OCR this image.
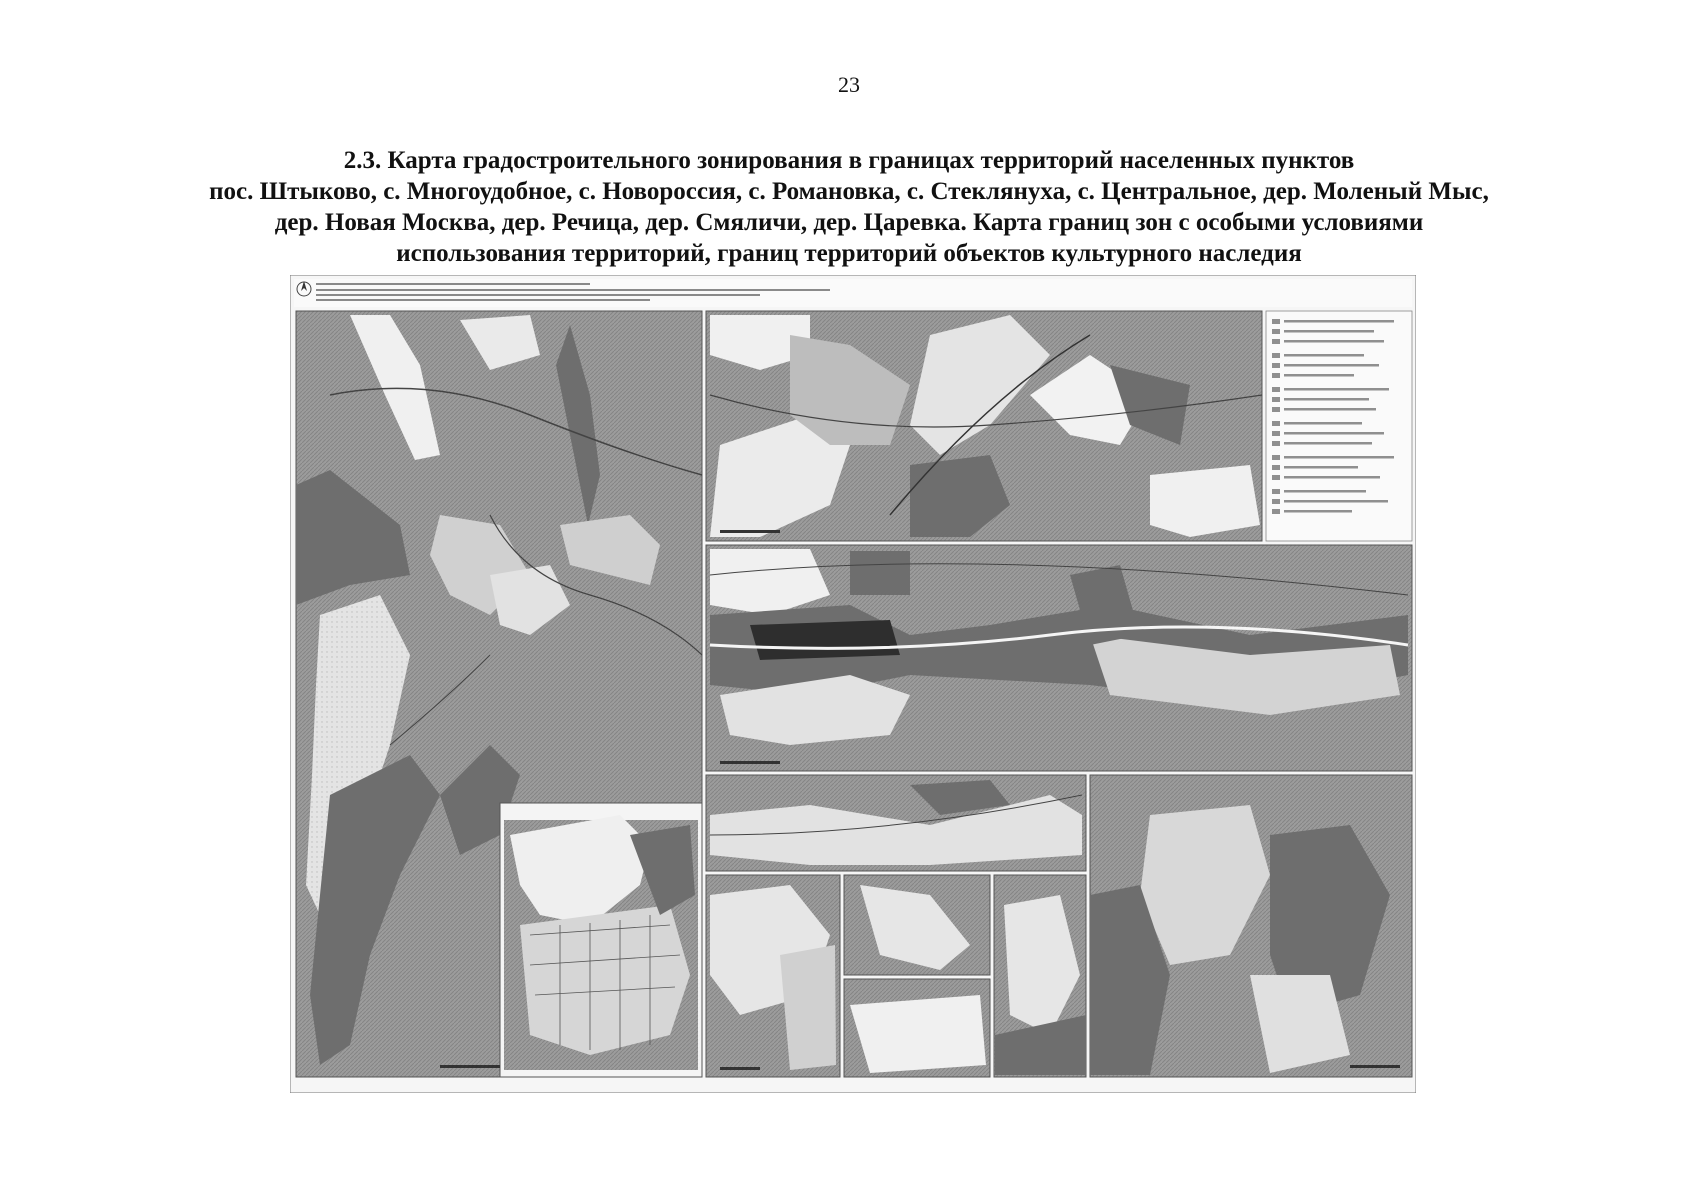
23
2.3. Карта градостроительного зонирования в границах территорий населенных пунктов
пос. Штыково, с. Многоудобное, с. Новороссия, с. Романовка, с. Стеклянуха, с. Центральное, дер. Моленый Мыс,
дер. Новая Москва, дер. Речица, дер. Смяличи, дер. Царевка. Карта границ зон с особыми условиями
использования территорий, границ территорий объектов культурного наследия
